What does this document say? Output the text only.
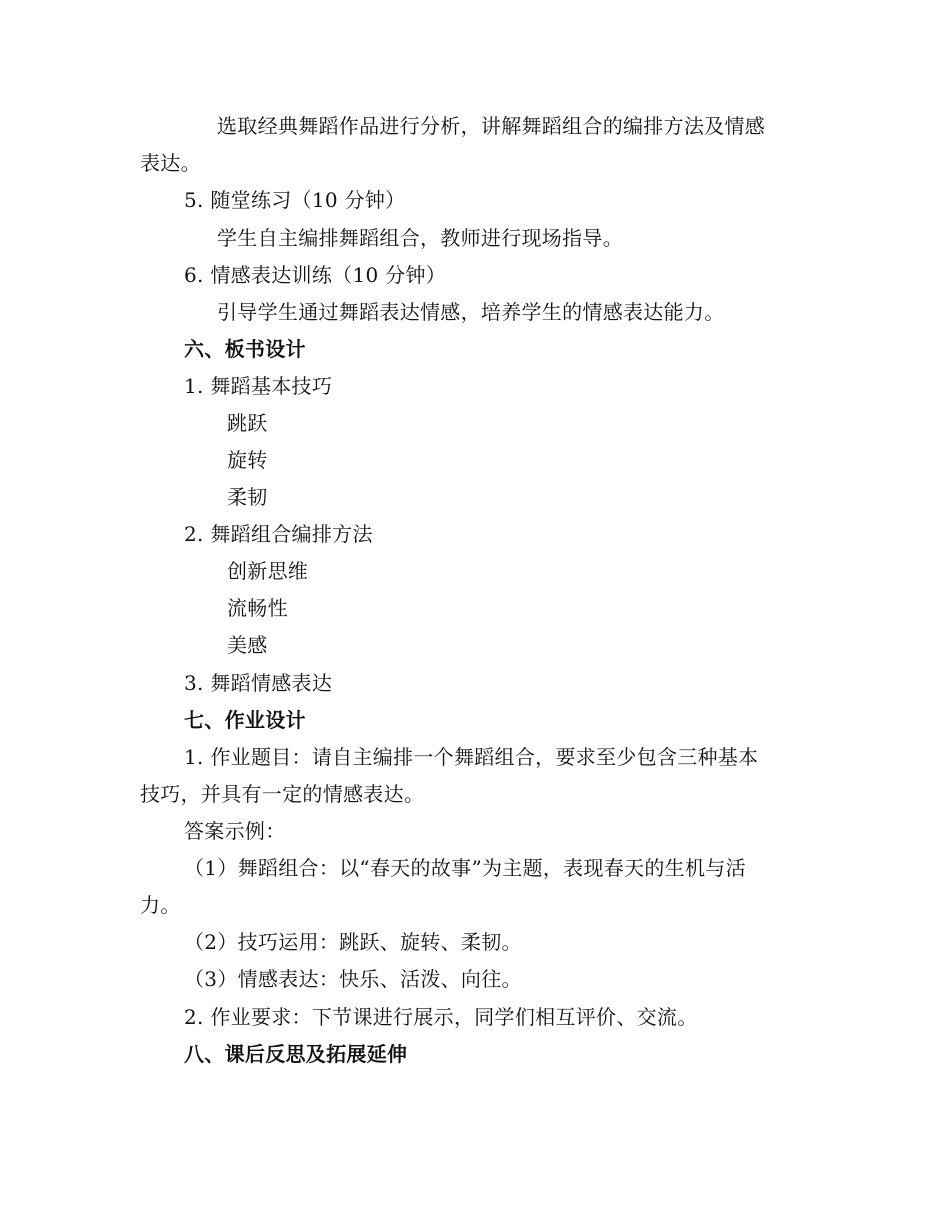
选取经典舞蹈作品进行分析，讲解舞蹈组合的编排方法及情感
表达。
5. 随堂练习（10 分钟）
学生自主编排舞蹈组合，教师进行现场指导。
6. 情感表达训练（10 分钟）
引导学生通过舞蹈表达情感，培养学生的情感表达能力。
六、板书设计
1. 舞蹈基本技巧
跳跃
旋转
柔韧
2. 舞蹈组合编排方法
创新思维
流畅性
美感
3. 舞蹈情感表达
七、作业设计
1. 作业题目：请自主编排一个舞蹈组合，要求至少包含三种基本
技巧，并具有一定的情感表达。
答案示例：
（1）舞蹈组合：以“春天的故事”为主题，表现春天的生机与活
力。
（2）技巧运用：跳跃、旋转、柔韧。
（3）情感表达：快乐、活泼、向往。
2. 作业要求：下节课进行展示，同学们相互评价、交流。
八、课后反思及拓展延伸
